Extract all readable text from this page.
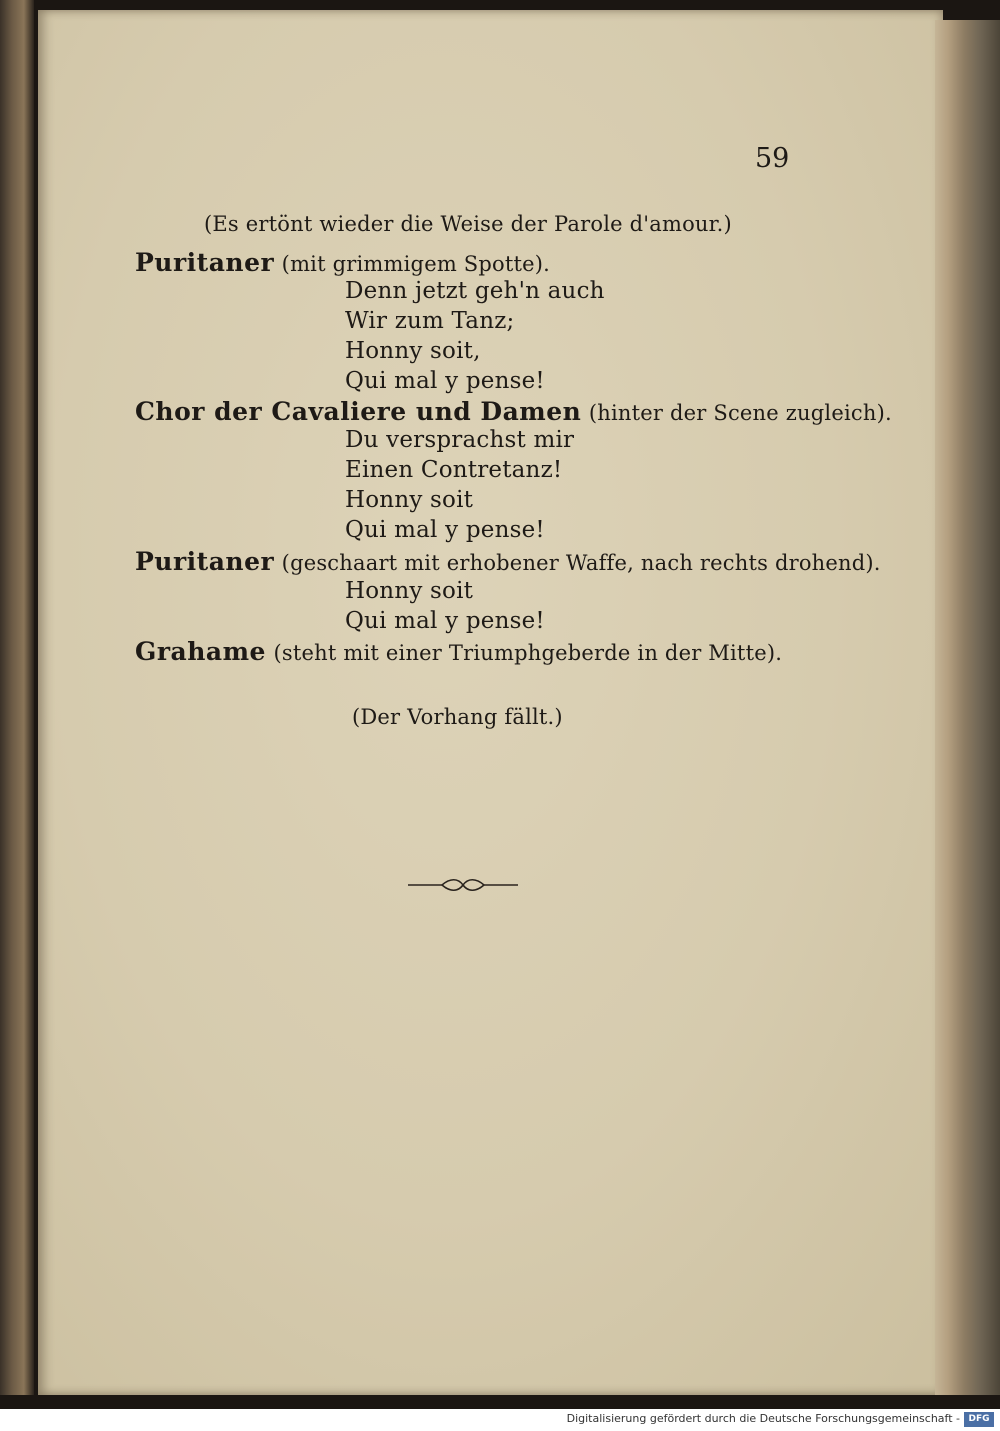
59
(Es ertönt wieder die Weise der Parole d'amour.)
Puritaner (mit grimmigem Spotte).
Denn jetzt geh'n auch
Wir zum Tanz;
Honny soit,
Qui mal y pense!
Chor der Cavaliere und Damen (hinter der Scene zugleich).
Du versprachst mir
Einen Contretanz!
Honny soit
Qui mal y pense!
Puritaner (geschaart mit erhobener Waffe, nach rechts drohend).
Honny soit
Qui mal y pense!
Grahame (steht mit einer Triumphgeberde in der Mitte).
(Der Vorhang fällt.)
Digitalisierung gefördert durch die Deutsche Forschungsgemeinschaft - DFG
